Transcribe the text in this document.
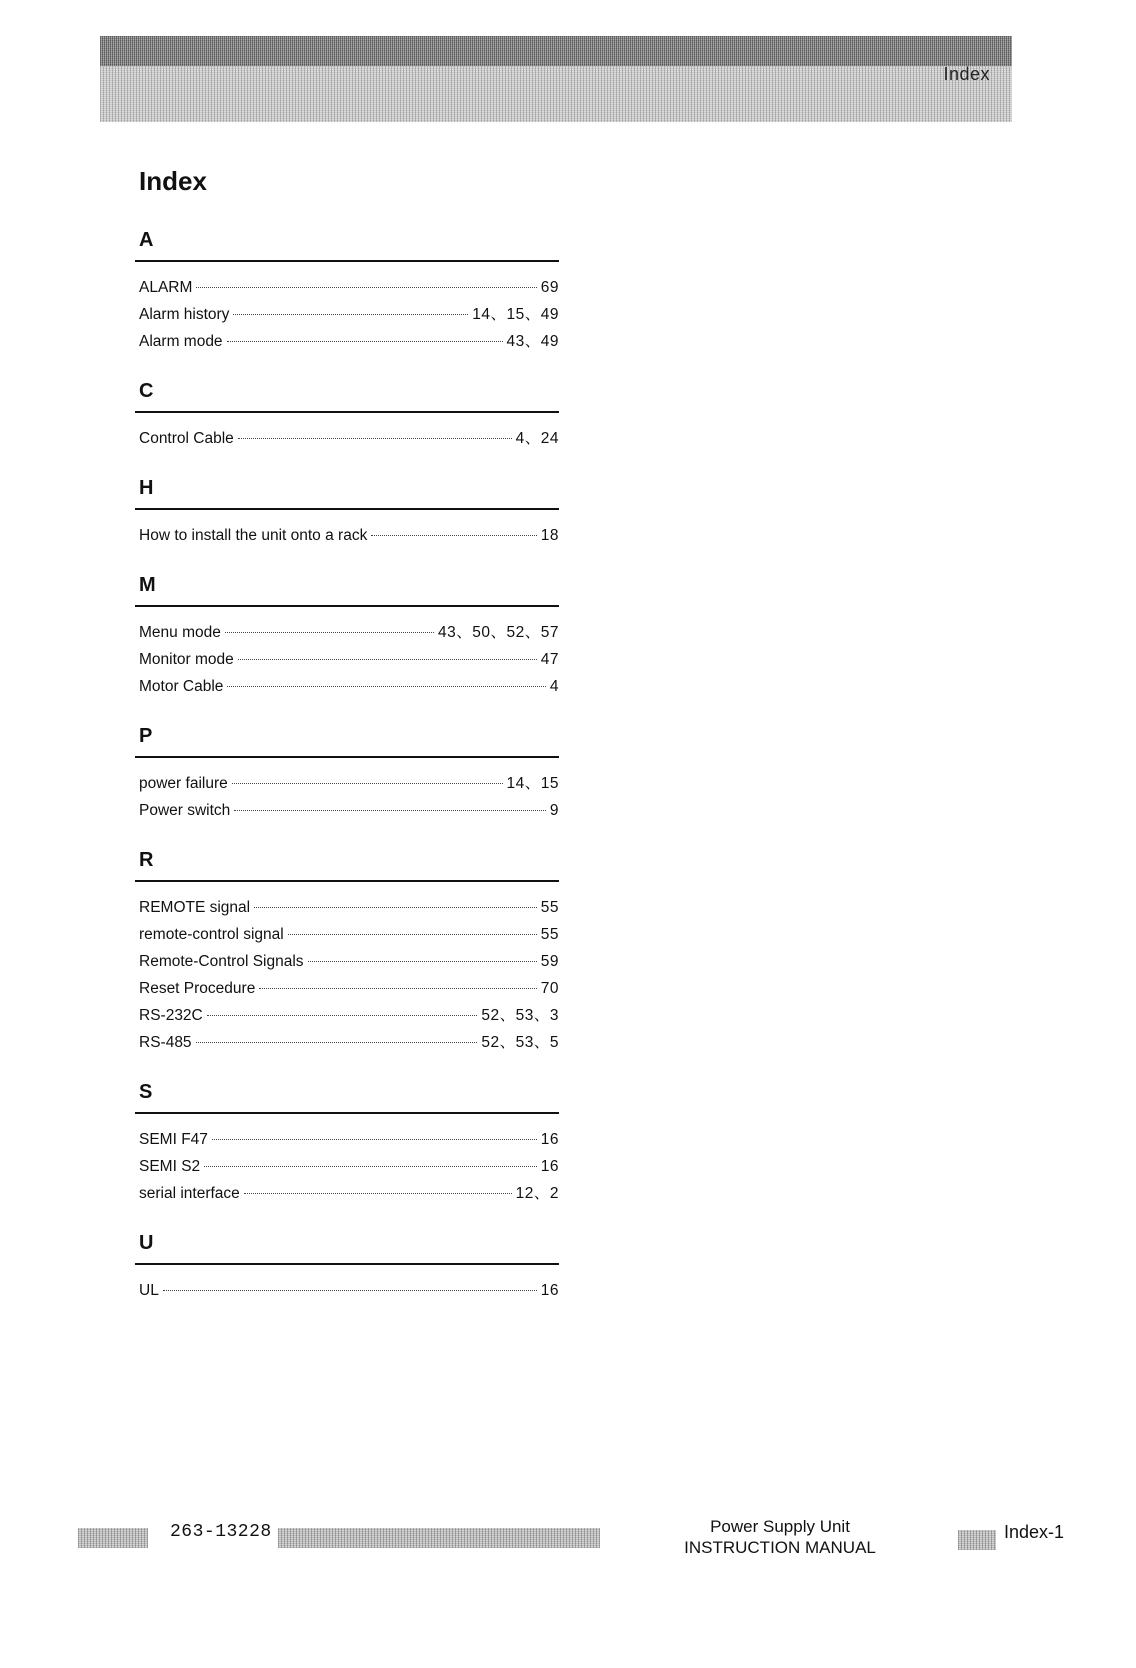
Index
Index
A
ALARM	69
Alarm history	14、15、49
Alarm mode	43、49
C
Control Cable	4、24
H
How to install the unit onto a rack	18
M
Menu mode	43、50、52、57
Monitor mode	47
Motor Cable	4
P
power failure	14、15
Power switch	9
R
REMOTE signal	55
remote-control signal	55
Remote-Control Signals	59
Reset Procedure	70
RS-232C	52、53、3
RS-485	52、53、5
S
SEMI F47	16
SEMI S2	16
serial interface	12、2
U
UL	16
263-13228	Power Supply Unit
INSTRUCTION MANUAL
Index-1
